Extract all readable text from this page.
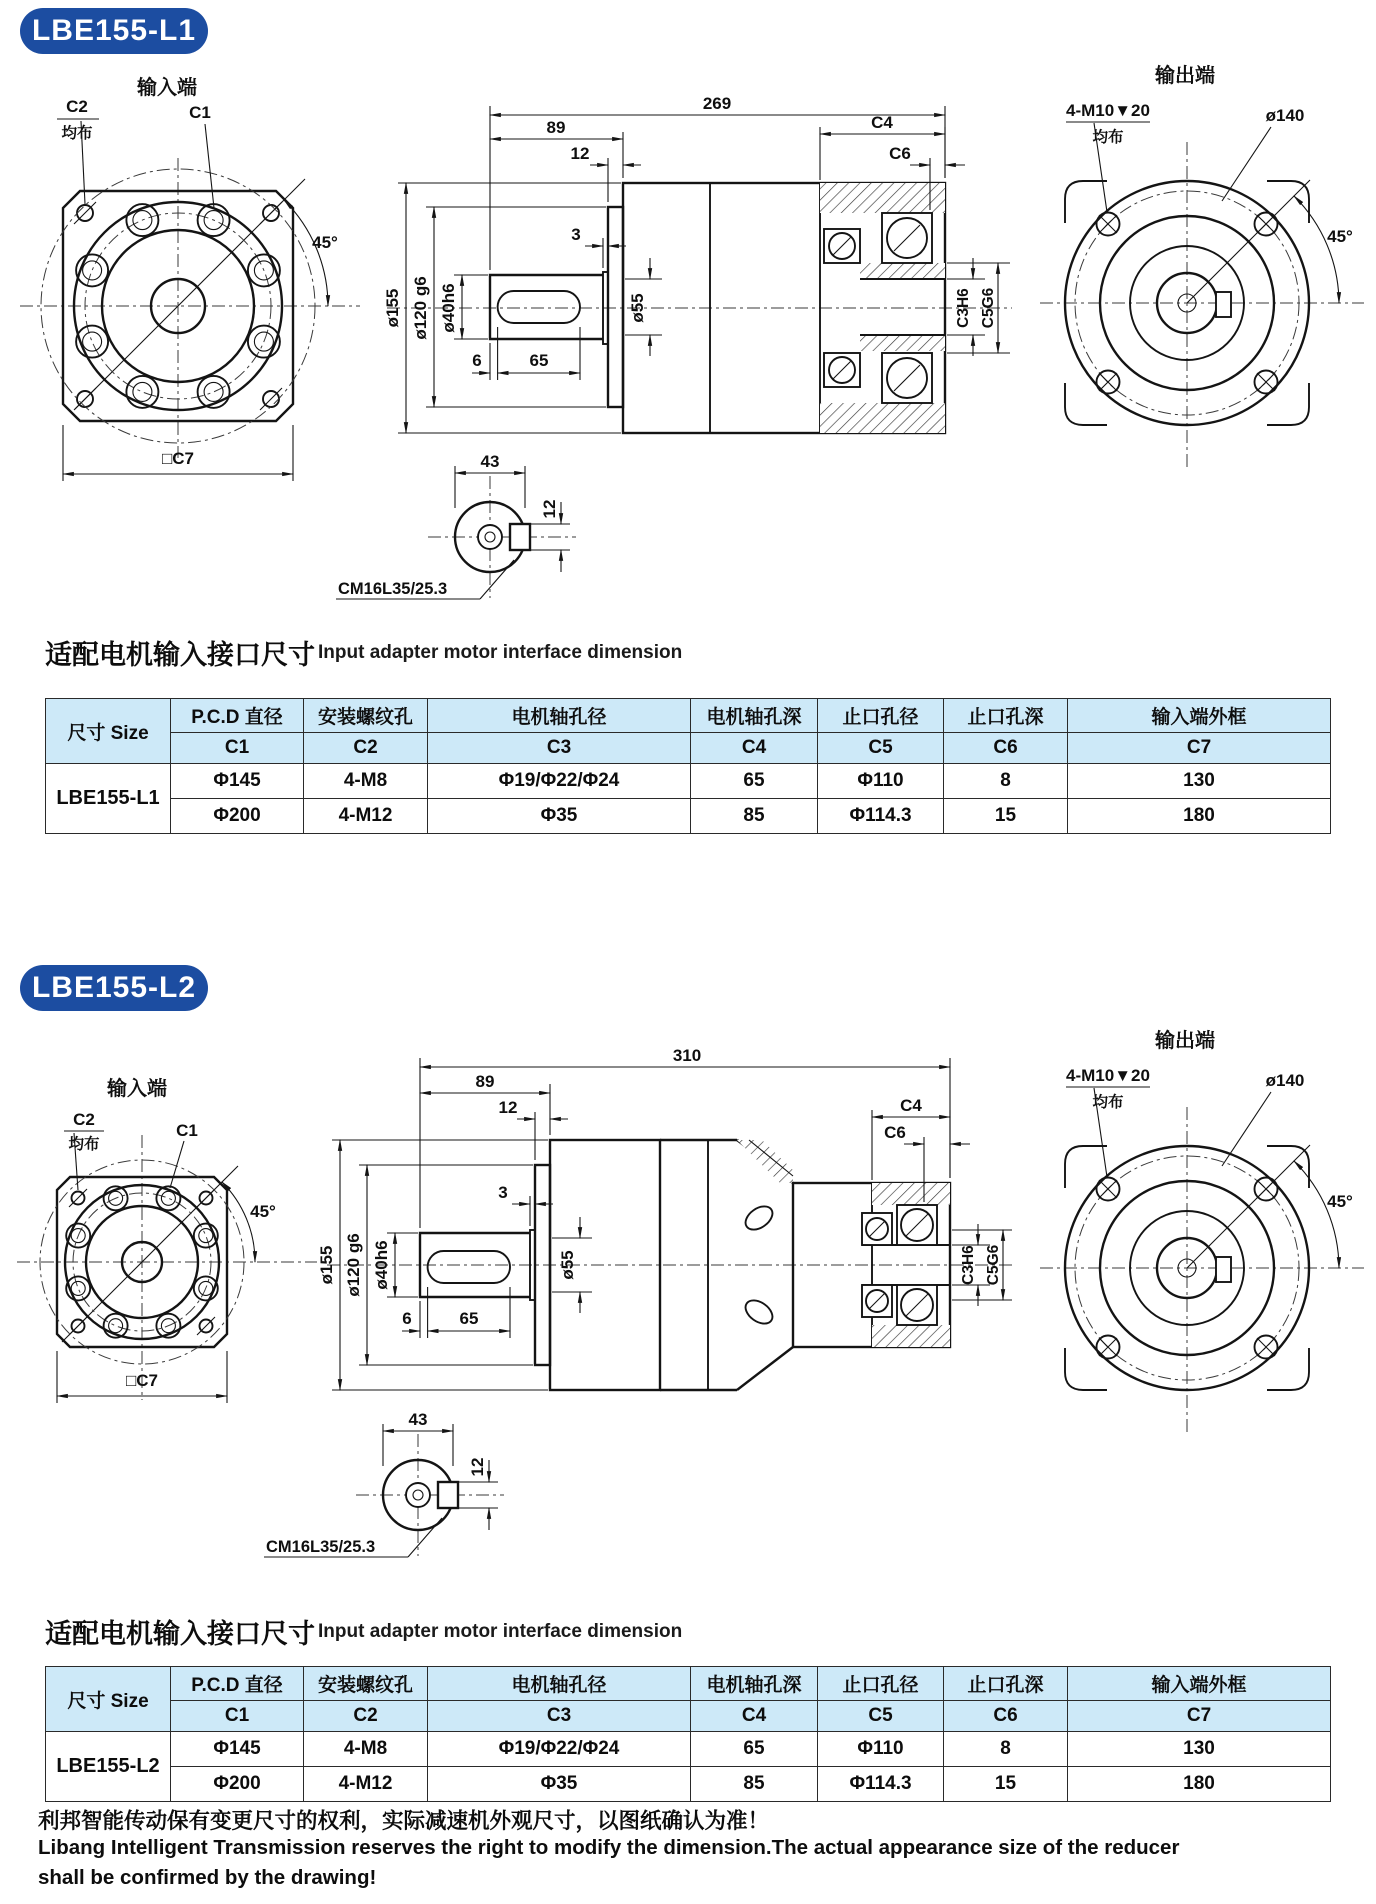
LBE155-L1
输入端
45°
C1
C2
均布
□C7
269
89
12
3
ø155 ø120 g6 ø40h6	ø55
6	65
C4
C6
C3H6 C5G6
输出端
45°
4-M10▼20
均布
ø140
43
12
CM16L35/25.3
适配电机输入接口尺寸 Input adapter motor interface dimension
尺寸 Size	P.C.D 直径	安装螺纹孔	电机轴孔径	电机轴孔深	止口孔径	止口孔深	输入端外框
	C1	C2	C3	C4	C5	C6	C7
LBE155-L1	Φ145	4-M8	Φ19/Φ22/Φ24	65	Φ110	8	130
	Φ200	4-M12	Φ35	85	Φ114.3	15	180
LBE155-L2
输入端
45°
C1
C2
均布
□C7
310
89
12
3
ø155 ø120 g6 ø40h6	ø55
6	65
C4
C6
C3H6 C5G6
输出端
45°
4-M10▼20
均布
ø140
43
12
CM16L35/25.3
适配电机输入接口尺寸 Input adapter motor interface dimension
尺寸 Size	P.C.D 直径	安装螺纹孔	电机轴孔径	电机轴孔深	止口孔径	止口孔深	输入端外框
	C1	C2	C3	C4	C5	C6	C7
LBE155-L2	Φ145	4-M8	Φ19/Φ22/Φ24	65	Φ110	8	130
	Φ200	4-M12	Φ35	85	Φ114.3	15	180
利邦智能传动保有变更尺寸的权利，实际减速机外观尺寸，以图纸确认为准！
Libang Intelligent Transmission reserves the right to modify the dimension.The actual appearance size of the reducer
shall be confirmed by the drawing!
